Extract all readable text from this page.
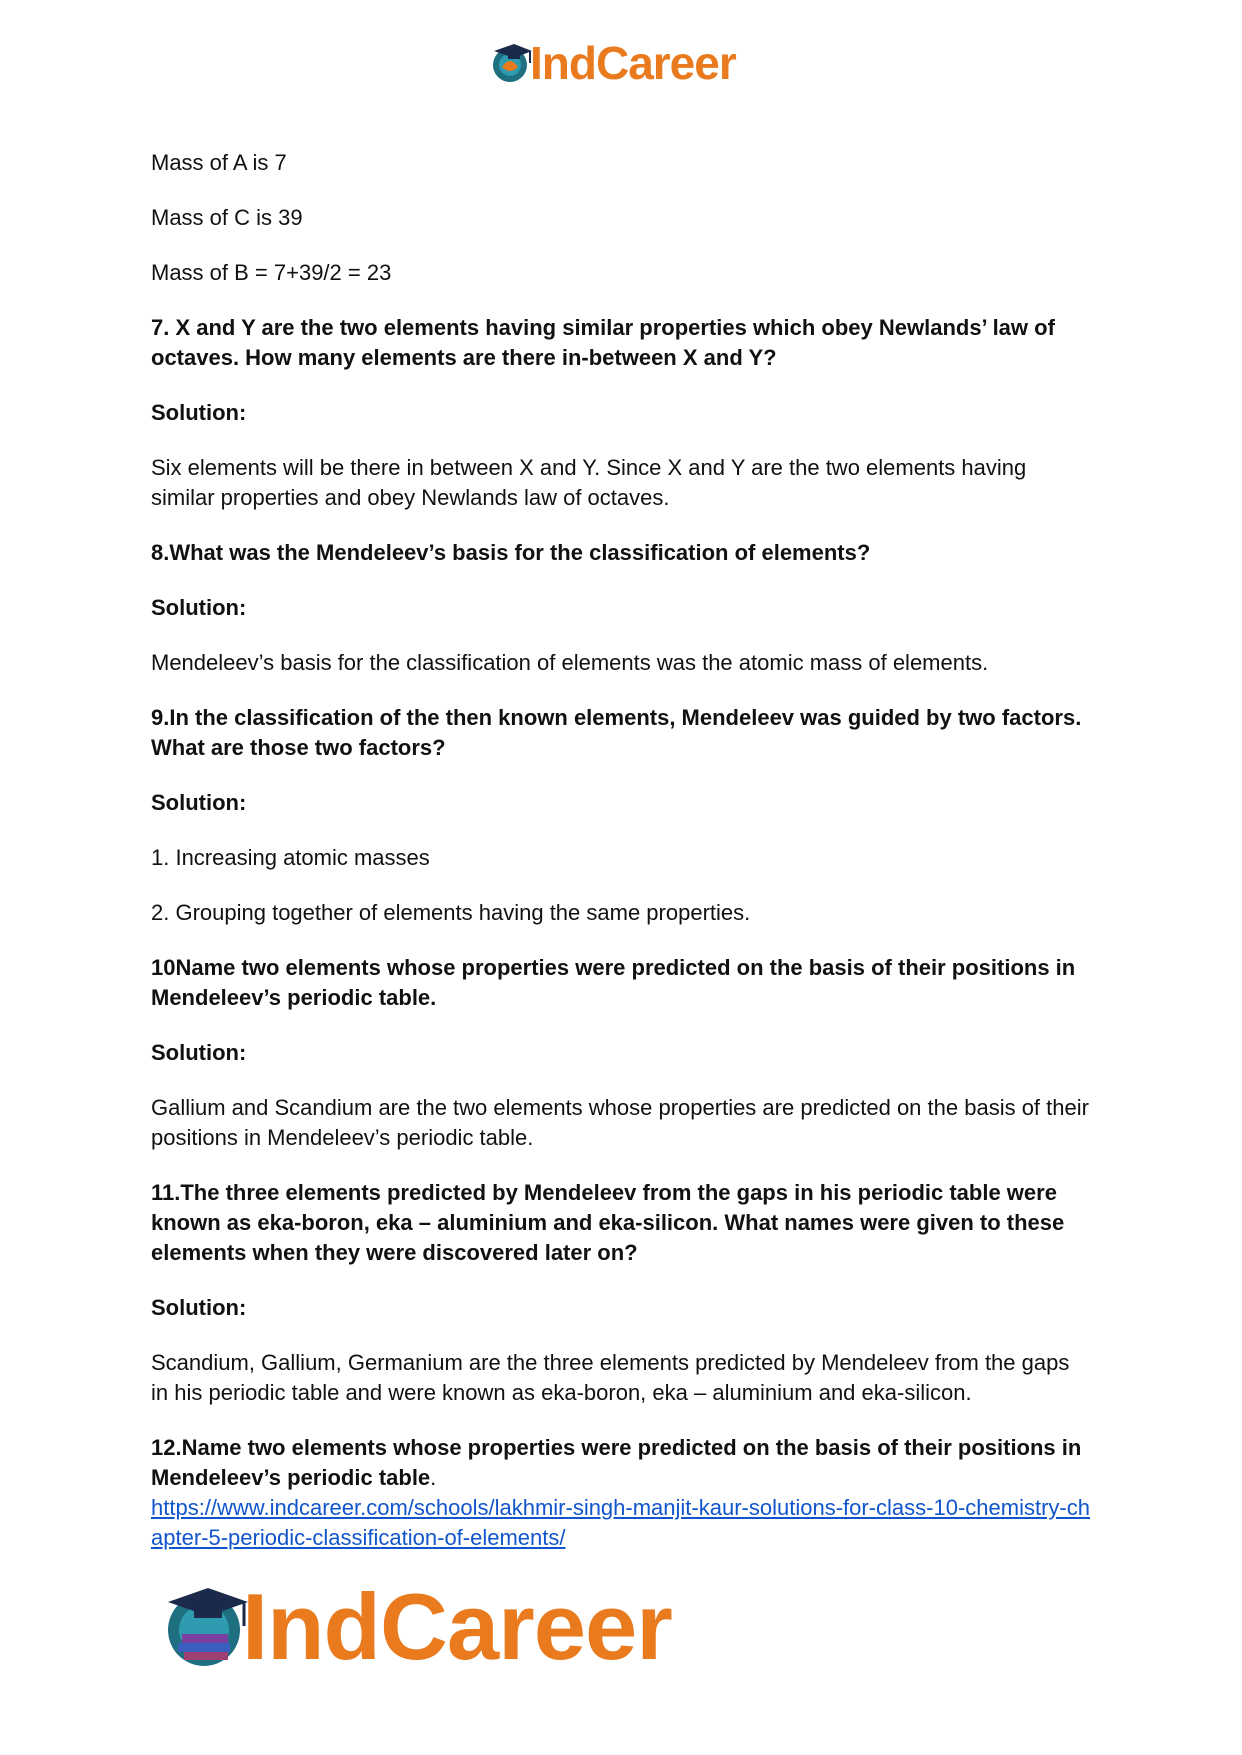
IndCareer
Mass of A is 7
Mass of C is 39
Mass of B = 7+39/2 = 23
7. X and Y are the two elements having similar properties which obey Newlands’ law of octaves. How many elements are there in-between X and Y?
Solution:
Six elements will be there in between X and Y. Since X and Y are the two elements having similar properties and obey Newlands law of octaves.
8.What was the Mendeleev’s basis for the classification of elements?
Solution:
Mendeleev’s basis for the classification of elements was the atomic mass of elements.
9.In the classification of the then known elements, Mendeleev was guided by two factors. What are those two factors?
Solution:
1. Increasing atomic masses
2. Grouping together of elements having the same properties.
10Name two elements whose properties were predicted on the basis of their positions in Mendeleev’s periodic table.
Solution:
Gallium and Scandium are the two elements whose properties are predicted on the basis of their positions in Mendeleev’s periodic table.
11.The three elements predicted by Mendeleev from the gaps in his periodic table were known as eka-boron, eka – aluminium and eka-silicon. What names were given to these elements when they were discovered later on?
Solution:
Scandium, Gallium, Germanium are the three elements predicted by Mendeleev from the gaps in his periodic table and were known as eka-boron, eka – aluminium and eka-silicon.
12.Name two elements whose properties were predicted on the basis of their positions in Mendeleev’s periodic table.
https://www.indcareer.com/schools/lakhmir-singh-manjit-kaur-solutions-for-class-10-chemistry-chapter-5-periodic-classification-of-elements/
IndCareer
